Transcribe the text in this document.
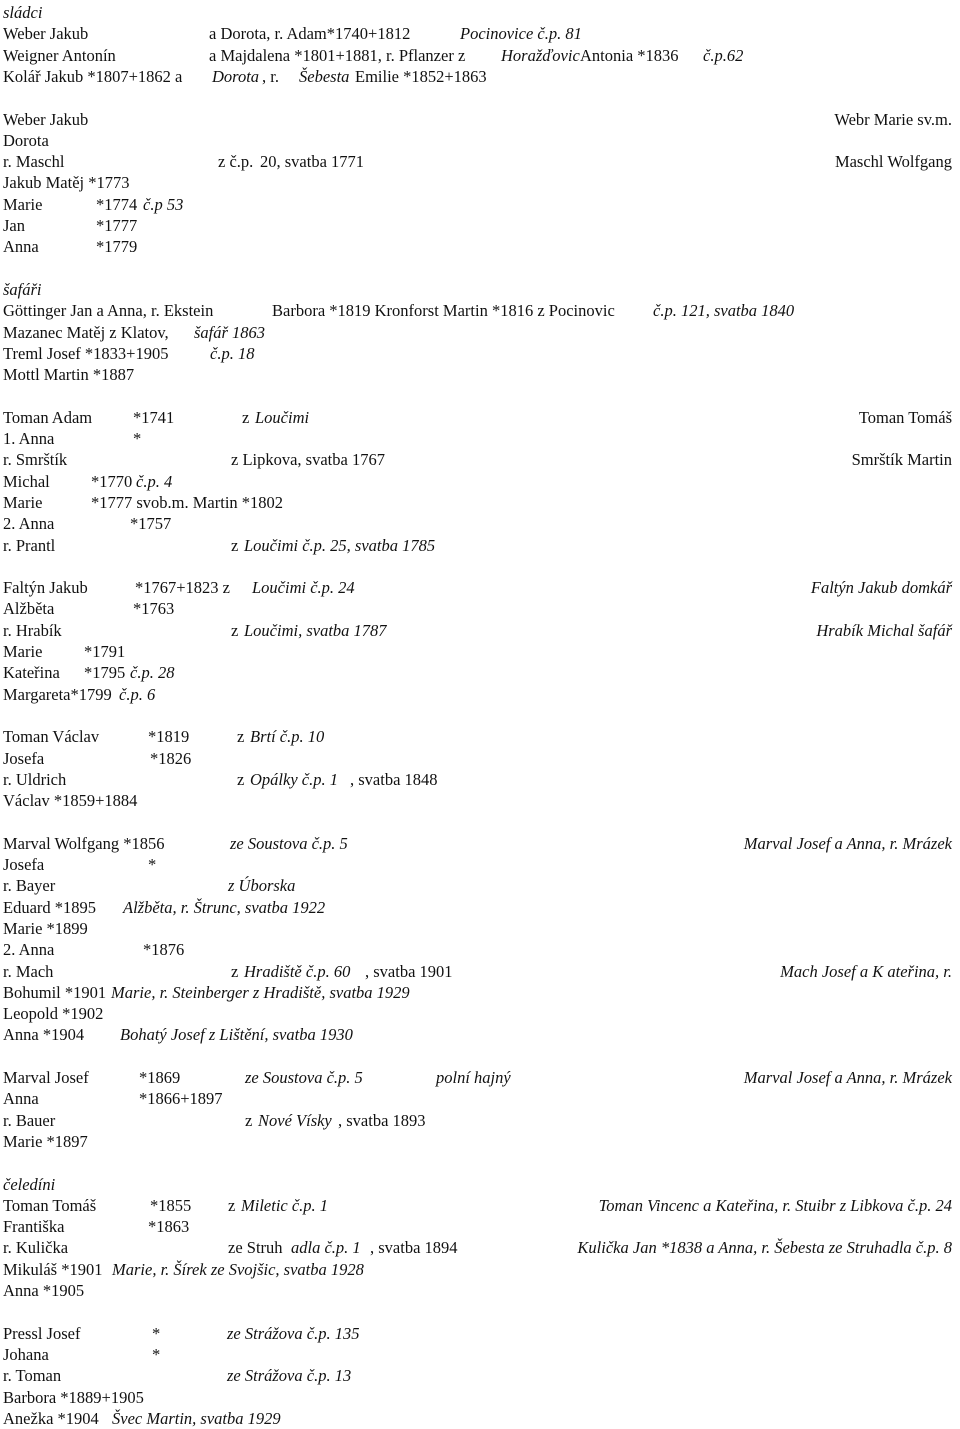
sládci
Weber Jakub	a Dorota, r. Adam*1740+1812	Pocinovice č.p. 81
Weigner Antonín	a Majdalena *1801+1881, r. Pflanzer z Horažďovic Antonia *1836 č.p.62
Kolář Jakub *1807+1862 a Dorota , r. Šebesta Emilie *1852+1863
Weber Jakub	Webr Marie sv.m.
Dorota
r. Maschl	z č.p. 20, svatba 1771	Maschl Wolfgang
Jakub Matěj *1773
Marie	*1774 č.p 53
Jan	*1777
Anna	*1779
šafáři
Göttinger Jan a Anna, r. Ekstein	Barbora *1819 Kronforst Martin *1816 z Pocinovic č.p. 121, svatba 1840
Mazanec Matěj z Klatov, šafář 1863
Treml Josef *1833+1905	č.p. 18
Mottl Martin *1887
Toman Adam *1741	z Loučimi	Toman Tomáš
1. Anna	*
r. Smrštík	z Lipkova, svatba 1767	Smrštík Martin
Michal	*1770 č.p. 4
Marie	*1777 svob.m. Martin *1802
2. Anna	*1757
r. Prantl	z Loučimi č.p. 25, svatba 1785
Faltýn Jakub	*1767+1823 z Loučimi č.p. 24	Faltýn Jakub domkář
Alžběta	*1763
r. Hrabík	z Loučimi, svatba 1787	Hrabík Michal šafář
Marie	*1791
Kateřina *1795 č.p. 28
Margareta*1799 č.p. 6
Toman Václav	*1819	z Brtí č.p. 10
Josefa	*1826
r. Uldrich	z Opálky č.p. 1 , svatba 1848
Václav *1859+1884
Marval Wolfgang *1856	ze Soustova č.p. 5	Marval Josef a Anna, r. Mrázek
Josefa	*
r. Bayer	z Úborska
Eduard *1895 Alžběta, r. Štrunc, svatba 1922
Marie *1899
2. Anna	*1876
r. Mach	z Hradiště č.p. 60 , svatba 1901	Mach Josef a K ateřina, r.
Bohumil *1901 Marie, r. Steinberger z Hradiště, svatba 1929
Leopold *1902
Anna *1904 Bohatý Josef z Lištění, svatba 1930
Marval Josef	*1869	ze Soustova č.p. 5	polní hajný	Marval Josef a Anna, r. Mrázek
Anna	*1866+1897
r. Bauer	z Nové Vísky , svatba 1893
Marie *1897
čeledíni
Toman Tomáš	*1855 z Miletic č.p. 1	Toman Vincenc a Kateřina, r. Stuibr z Libkova č.p. 24
Františka	*1863
r. Kulička	ze Struh adla č.p. 1 , svatba 1894	Kulička Jan *1838 a Anna, r. Šebesta ze Struhadla č.p. 8
Mikuláš *1901 Marie, r. Šírek ze Svojšic, svatba 1928
Anna *1905
Pressl Josef	*	ze Strážova č.p. 135
Johana	*
r. Toman	ze Strážova č.p. 13
Barbora *1889+1905
Anežka *1904 Švec Martin, svatba 1929
